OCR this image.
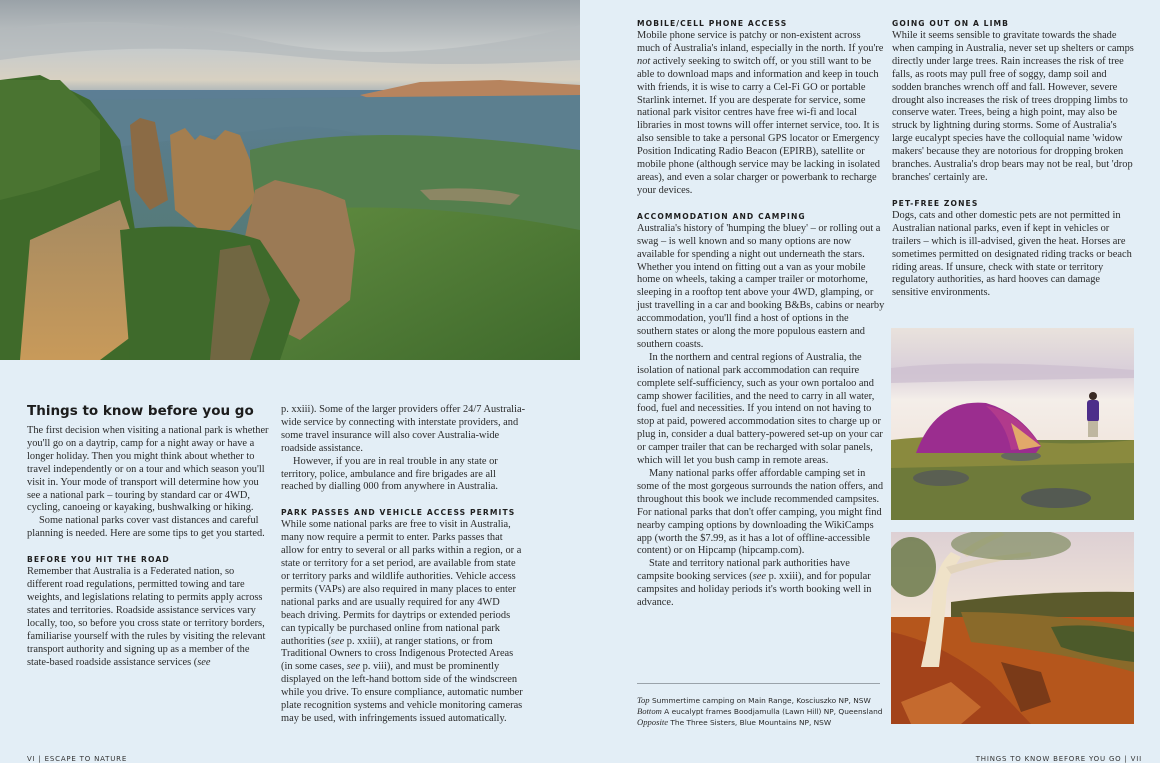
Things to know before you go

The first decision when visiting a national park is whether you'll go on a daytrip, camp for a night away or have a longer holiday. Then you might think about whether to travel independently or on a tour and which season you'll visit in. Your mode of transport will determine how you see a national park – touring by standard car or 4WD, cycling, canoeing or kayaking, bushwalking or hiking.

Some national parks cover vast distances and careful planning is needed. Here are some tips to get you started.

BEFORE YOU HIT THE ROAD

Remember that Australia is a Federated nation, so different road regulations, permitted towing and tare weights, and legislations relating to permits apply across states and territories. Roadside assistance services vary locally, too, so before you cross state or territory borders, familiarise yourself with the rules by visiting the relevant transport authority and signing up as a member of the state-based roadside assistance services (see

p. xxiii). Some of the larger providers offer 24/7 Australia-wide service by connecting with interstate providers, and some travel insurance will also cover Australia-wide roadside assistance.

However, if you are in real trouble in any state or territory, police, ambulance and fire brigades are all reached by dialling 000 from anywhere in Australia.

PARK PASSES AND VEHICLE ACCESS PERMITS

While some national parks are free to visit in Australia, many now require a permit to enter. Parks passes that allow for entry to several or all parks within a region, or a state or territory for a set period, are available from state or territory parks and wildlife authorities. Vehicle access permits (VAPs) are also required in many places to enter national parks and are usually required for any 4WD beach driving. Permits for daytrips or extended periods can typically be purchased online from national park authorities (see p. xxiii), at ranger stations, or from Traditional Owners to cross Indigenous Protected Areas (in some cases, see p. viii), and must be prominently displayed on the left-hand bottom side of the windscreen while you drive. To ensure compliance, automatic number plate recognition systems and vehicle monitoring cameras may be used, with infringements issued automatically.

MOBILE/CELL PHONE ACCESS

Mobile phone service is patchy or non-existent across much of Australia's inland, especially in the north. If you're not actively seeking to switch off, or you still want to be able to download maps and information and keep in touch with friends, it is wise to carry a Cel-Fi GO or portable Starlink internet. If you are desperate for service, some national park visitor centres have free wi-fi and local libraries in most towns will offer internet service, too. It is also sensible to take a personal GPS locator or Emergency Position Indicating Radio Beacon (EPIRB), satellite or mobile phone (although service may be lacking in isolated areas), and even a solar charger or powerbank to recharge your devices.

ACCOMMODATION AND CAMPING

Australia's history of 'humping the bluey' – or rolling out a swag – is well known and so many options are now available for spending a night out underneath the stars. Whether you intend on fitting out a van as your mobile home on wheels, taking a camper trailer or motorhome, sleeping in a rooftop tent above your 4WD, glamping, or just travelling in a car and booking B&Bs, cabins or nearby accommodation, you'll find a host of options in the southern states or along the more populous eastern and southern coasts.

In the northern and central regions of Australia, the isolation of national park accommodation can require complete self-sufficiency, such as your own portaloo and camp shower facilities, and the need to carry in all water, food, fuel and necessities. If you intend on not having to stop at paid, powered accommodation sites to charge up or plug in, consider a dual battery-powered set-up on your car or camper trailer that can be recharged with solar panels, which will let you bush camp in remote areas.

Many national parks offer affordable camping set in some of the most gorgeous surrounds the nation offers, and throughout this book we include recommended campsites. For national parks that don't offer camping, you might find nearby camping options by downloading the WikiCamps app (worth the $7.99, as it has a lot of offline-accessible content) or on Hipcamp (hipcamp.com).

State and territory national park authorities have campsite booking services (see p. xxiii), and for popular campsites and holiday periods it's worth booking well in advance.

GOING OUT ON A LIMB

While it seems sensible to gravitate towards the shade when camping in Australia, never set up shelters or camps directly under large trees. Rain increases the risk of tree falls, as roots may pull free of soggy, damp soil and sodden branches wrench off and fall. However, severe drought also increases the risk of trees dropping limbs to conserve water. Trees, being a high point, may also be struck by lightning during storms. Some of Australia's large eucalypt species have the colloquial name 'widow makers' because they are notorious for dropping broken branches. Australia's drop bears may not be real, but 'drop branches' certainly are.

PET-FREE ZONES

Dogs, cats and other domestic pets are not permitted in Australian national parks, even if kept in vehicles or trailers – which is ill-advised, given the heat. Horses are sometimes permitted on designated riding tracks or beach riding areas. If unsure, check with state or territory regulatory authorities, as hard hooves can damage sensitive environments.

Top Summertime camping on Main Range, Kosciuszko NP, NSW
Bottom A eucalypt frames Boodjamulla (Lawn Hill) NP, Queensland
Opposite The Three Sisters, Blue Mountains NP, NSW
VI | ESCAPE TO NATURE	THINGS TO KNOW BEFORE YOU GO | VII
